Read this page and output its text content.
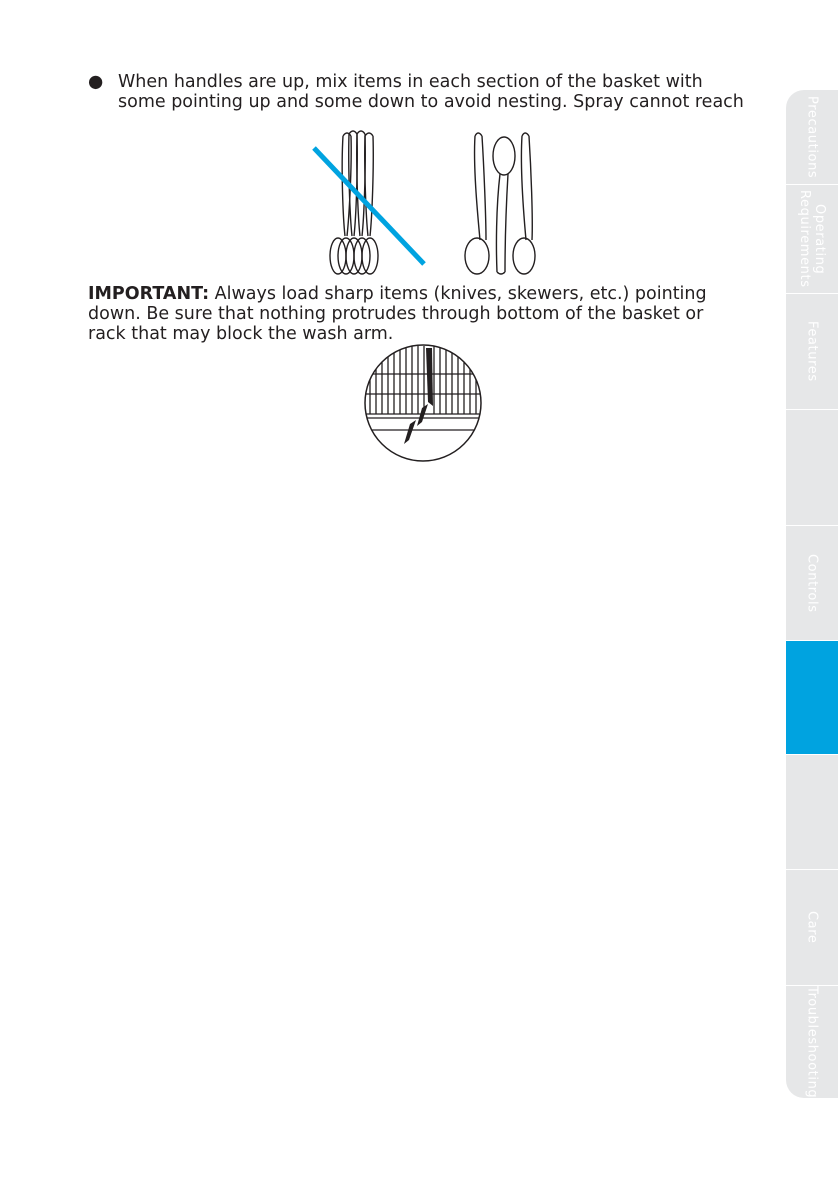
● When handles are up, mix items in each section of the basket with
some pointing up and some down to avoid nesting. Spray cannot reach
IMPORTANT: Always load sharp items (knives, skewers, etc.) pointing
down. Be sure that nothing protrudes through bottom of the basket or
rack that may block the wash arm.
Precautions
Operating
Requirements
Features
Controls
Care
Troubleshooting
